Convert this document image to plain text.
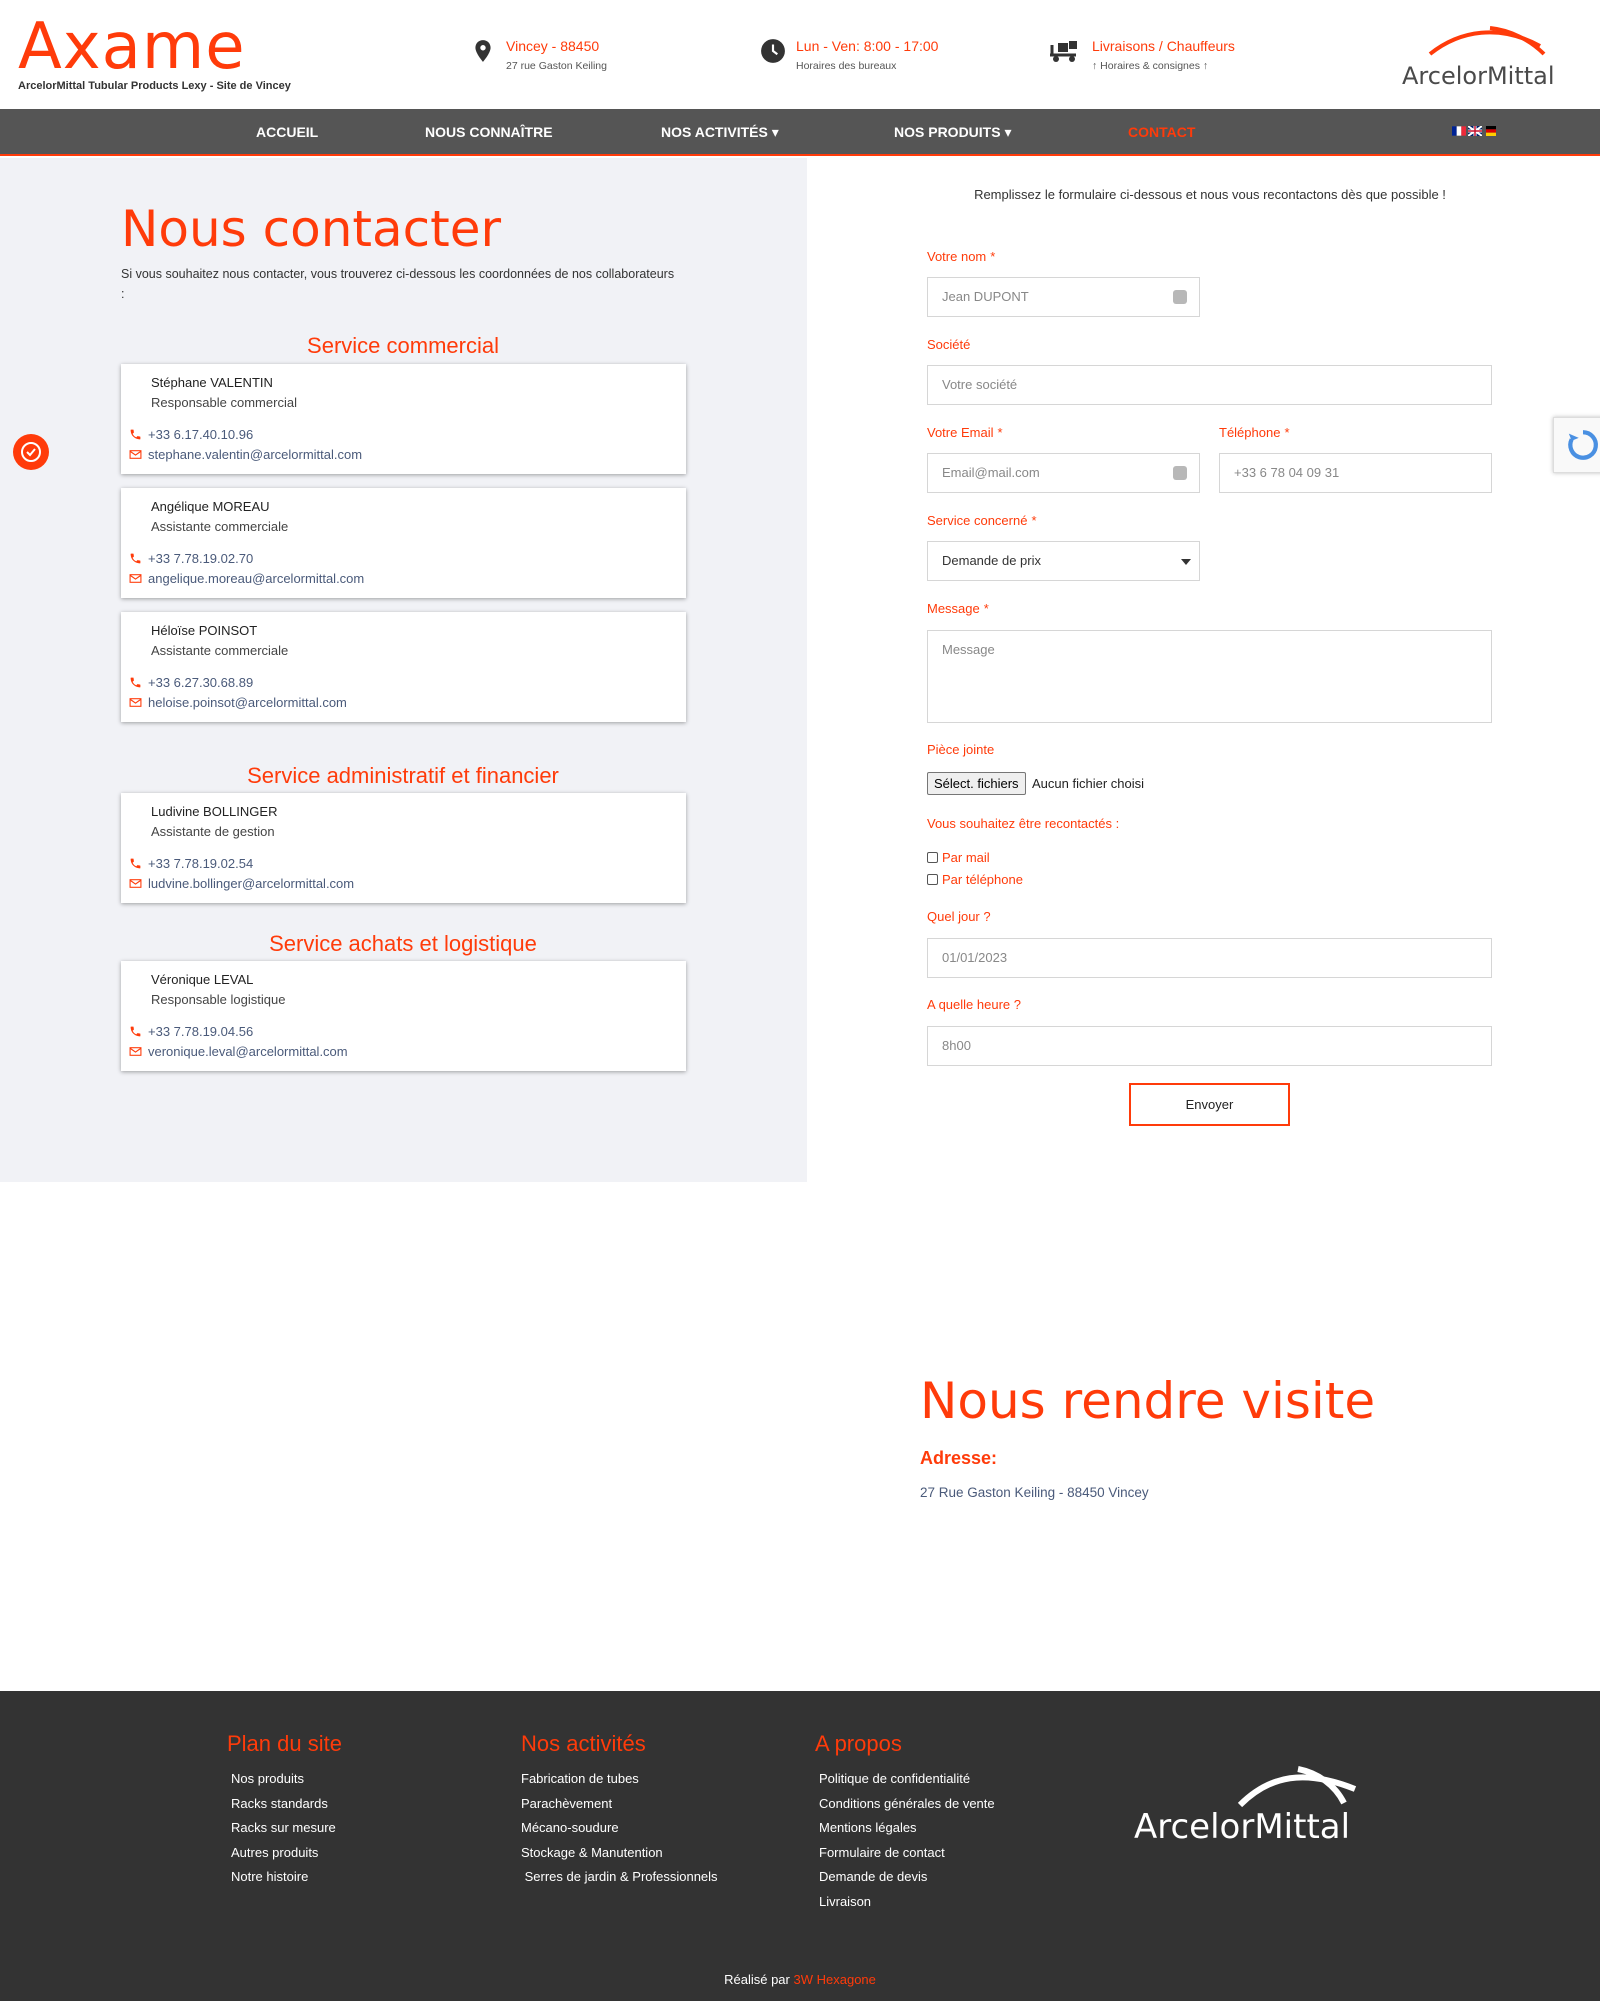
Axame
ArcelorMittal Tubular Products Lexy - Site de Vincey
Vincey - 88450
27 rue Gaston Keiling
Lun - Ven: 8:00 - 17:00
Horaires des bureaux
Livraisons / Chauffeurs
↑ Horaires & consignes ↑	ArcelorMittal
ACCUEIL	NOUS CONNAÎTRE	NOS ACTIVITÉS ▾	NOS PRODUITS ▾	CONTACT
Nous contacter
Si vous souhaitez nous contacter, vous trouverez ci-dessous les coordonnées de nos collaborateurs :
Service commercial
Stéphane VALENTIN
Responsable commercial
+33 6.17.40.10.96
stephane.valentin@arcelormittal.com
Angélique MOREAU
Assistante commerciale
+33 7.78.19.02.70
angelique.moreau@arcelormittal.com
Héloïse POINSOT
Assistante commerciale
+33 6.27.30.68.89
heloise.poinsot@arcelormittal.com
Service administratif et financier
Ludivine BOLLINGER
Assistante de gestion
+33 7.78.19.02.54
ludvine.bollinger@arcelormittal.com
Service achats et logistique
Véronique LEVAL
Responsable logistique
+33 7.78.19.04.56
veronique.leval@arcelormittal.com
Remplissez le formulaire ci-dessous et nous vous recontactons dès que possible !
Votre nom *
Jean DUPONT
Société
Votre société
Votre Email *
Email@mail.com
Téléphone *
+33 6 78 04 09 31
Service concerné *
Demande de prix
Message *
Message
Pièce jointe
Sélect. fichiers	Aucun fichier choisi
Vous souhaitez être recontactés :
Par mail
Par téléphone
Quel jour ?
01/01/2023
A quelle heure ?
8h00
Envoyer
Nous rendre visite
Adresse:
27 Rue Gaston Keiling - 88450 Vincey
Plan du site
Nos produits
Racks standards
Racks sur mesure
Autres produits
Notre histoire
Nos activités
Fabrication de tubes
Parachèvement
Mécano-soudure
Stockage & Manutention
Serres de jardin & Professionnels
A propos
Politique de confidentialité
Conditions générales de vente
Mentions légales
Formulaire de contact
Demande de devis
Livraison
ArcelorMittal
Réalisé par 3W Hexagone
